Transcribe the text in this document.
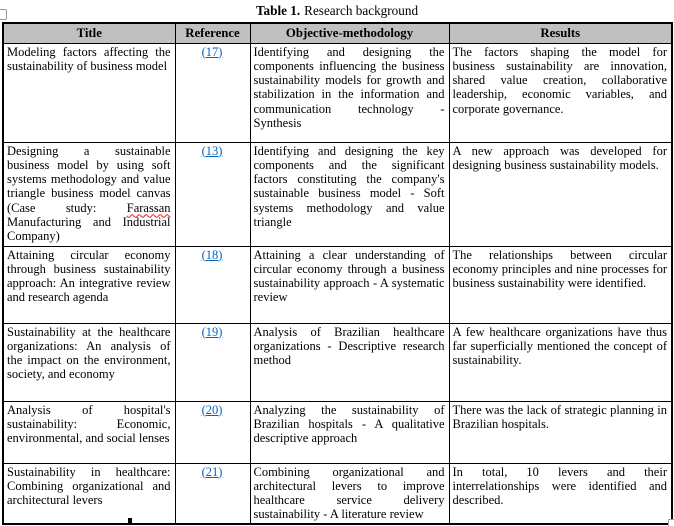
Table 1. Research background
Title	Reference	Objective-methodology	Results
Modeling factors affecting the sustainability of business model	(17)	Identifying and designing the components influencing the business sustainability models for growth and stabilization in the information and communication technology - Synthesis	The factors shaping the model for business sustainability are innovation, shared value creation, collaborative leadership, economic variables, and corporate governance.
Designing a sustainable business model by using soft systems methodology and value triangle business model canvas (Case study: Farassan Manufacturing and Industrial Company)	(13)	Identifying and designing the key components and the significant factors constituting the company's sustainable business model - Soft systems methodology and value triangle	A new approach was developed for designing business sustainability models.
Attaining circular economy through business sustainability approach: An integrative review and research agenda	(18)	Attaining a clear understanding of circular economy through a business sustainability approach - A systematic review	The relationships between circular economy principles and nine processes for business sustainability were identified.
Sustainability at the healthcare organizations: An analysis of the impact on the environment, society, and economy	(19)	Analysis of Brazilian healthcare organizations - Descriptive research method	A few healthcare organizations have thus far superficially mentioned the concept of sustainability.
Analysis of hospital's sustainability: Economic, environmental, and social lenses	(20)	Analyzing the sustainability of Brazilian hospitals - A qualitative descriptive approach	There was the lack of strategic planning in Brazilian hospitals.
Sustainability in healthcare: Combining organizational and architectural levers	(21)	Combining organizational and architectural levers to improve healthcare service delivery sustainability - A literature review	In total, 10 levers and their interrelationships were identified and described.
